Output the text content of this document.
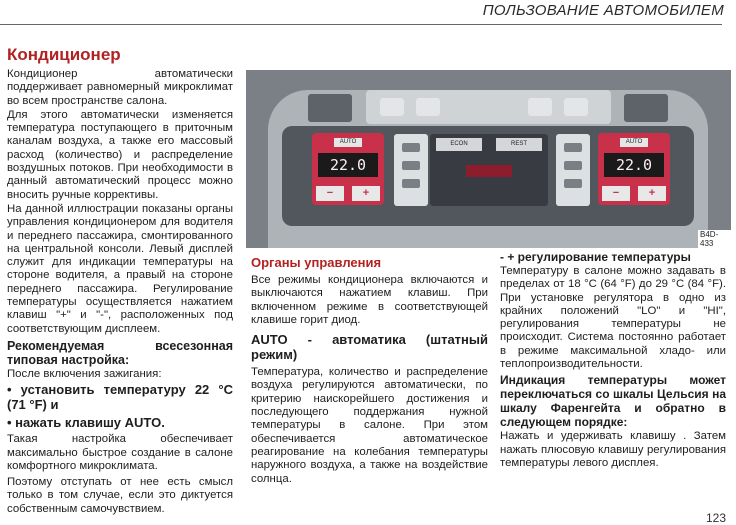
ПОЛЬЗОВАНИЕ АВТОМОБИЛЕМ
Кондиционер

Кондиционер автоматически поддерживает равномерный микроклимат во всем пространстве салона.

Для этого автоматически изменяется температура поступающего в приточным каналам воздуха, а также его массовый расход (количество) и распределение воздушных потоков. При необходимости в данный автоматический процесс можно вносить ручные коррективы.

На данной иллюстрации показаны органы управления кондиционером для водителя и переднего пассажира, смонтированного на центральной консоли. Левый дисплей служит для индикации температуры на стороне водителя, а правый на стороне переднего пассажира. Регулирование температуры осуществляется нажатием клавиш "+" и "-", расположенных под соответствующим дисплеем.

Рекомендуемая всесезонная типовая настройка:

После включения зажигания:

• установить температуру 22 °С (71 °F) и

• нажать клавишу AUTO.

Такая настройка обеспечивает максимально быстрое создание в салоне комфортного микроклимата.

Поэтому отступать от нее есть смысл только в том случае, если это диктуется собственным самочувствием.

AUTO
22.0
−	+
ECON	REST	AUTO
22.0
−	+
B4D-433
Органы управления

Все режимы кондиционера включаются и выключаются нажатием клавиш. При включенном режиме в соответствующей клавише горит диод.

AUTO - автоматика (штатный режим)

Температура, количество и распределение воздуха регулируются автоматически, по критерию наискорейшего достижения и последующего поддержания нужной температуры в салоне. При этом обеспечивается автоматическое реагирование на колебания температуры наружного воздуха, а также на воздействие солнца.

- + регулирование температуры

Температуру в салоне можно задавать в пределах от 18 °С (64 °F) до 29 °С (84 °F). При установке регулятора в одно из крайних положений "LO" и "HI", регулирования температуры не происходит. Система постоянно работает в режиме максимальной хладо- или теплопроизводительности.

Индикация температуры может переключаться со шкалы Цельсия на шкалу Фаренгейта и обратно в следующем порядке:

Нажать и удерживать клавишу . Затем нажать плюсовую клавишу регулирования температуры левого дисплея.

123
